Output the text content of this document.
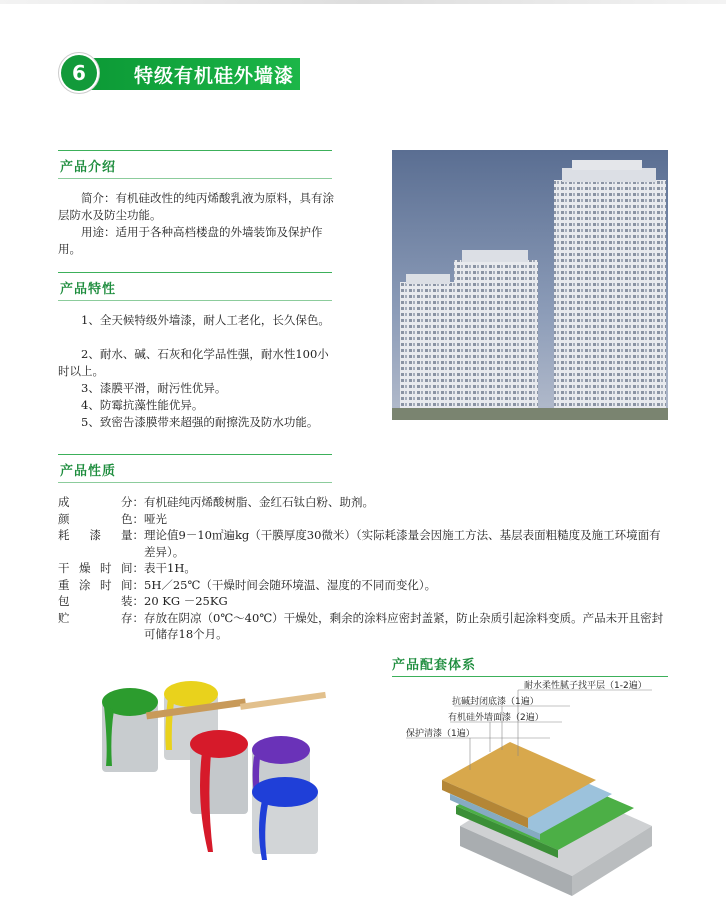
特级有机硅外墙漆
6
产品介绍
简介：有机硅改性的纯丙烯酸乳液为原料，具有涂层防水及防尘功能。
用途：适用于各种高档楼盘的外墙装饰及保护作用。
产品特性
1、全天候特级外墙漆，耐人工老化，长久保色。
2、耐水、碱、石灰和化学品性强，耐水性100小时以上。
3、漆膜平滑，耐污性优异。
4、防霉抗藻性能优异。
5、致密告漆膜带来超强的耐擦洗及防水功能。
产品性质
成	分： 有机硅纯丙烯酸树脂、金红石钛白粉、助剂。
颜	色： 哑光
耗 漆 量： 理论值9－10㎡遍kg（干膜厚度30微米）（实际耗漆量会因施工方法、基层表面粗糙度及施工环境面有差异）。
干 燥 时 间： 表干1H。
重 涂 时 间： 5H／25℃（干燥时间会随环境温、湿度的不同而变化）。
包	装： 20 KG －25KG
贮	存： 存放在阴凉（0℃～40℃）干燥处，剩余的涂料应密封盖紧，防止杂质引起涂料变质。产品未开且密封可储存18个月。
产品配套体系
耐水柔性腻子找平层（1-2遍）
抗碱封闭底漆（1遍）
有机硅外墙面漆（2遍）
保护清漆（1遍）
